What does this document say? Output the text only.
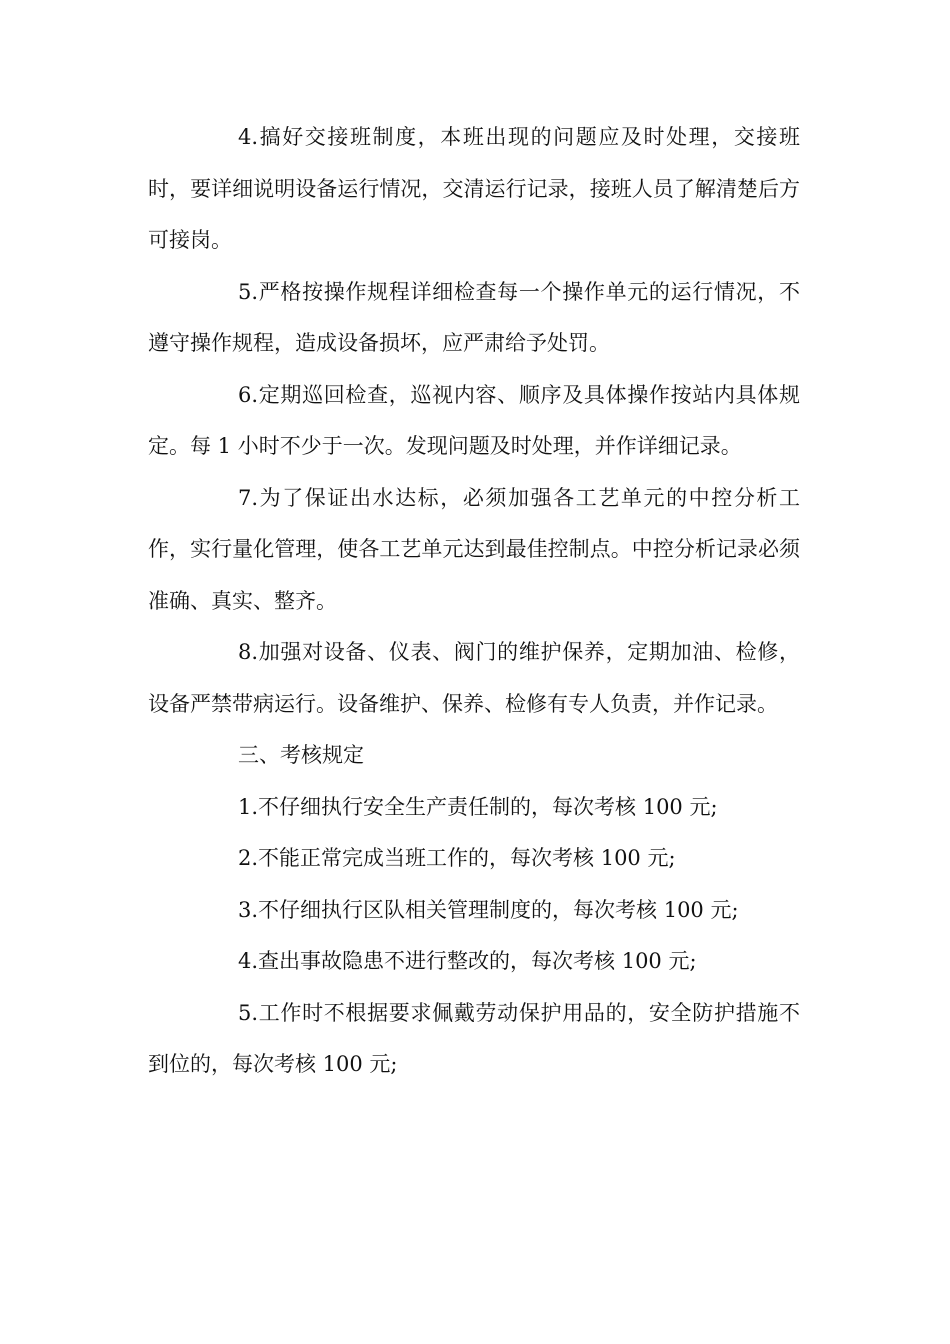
4.搞好交接班制度，本班出现的问题应及时处理，交接班时，要详细说明设备运行情况，交清运行记录，接班人员了解清楚后方可接岗。

5.严格按操作规程详细检查每一个操作单元的运行情况，不遵守操作规程，造成设备损坏，应严肃给予处罚。

6.定期巡回检查，巡视内容、顺序及具体操作按站内具体规定。每 1 小时不少于一次。发现问题及时处理，并作详细记录。

7.为了保证出水达标，必须加强各工艺单元的中控分析工作，实行量化管理，使各工艺单元达到最佳控制点。中控分析记录必须准确、真实、整齐。

8.加强对设备、仪表、阀门的维护保养，定期加油、检修，设备严禁带病运行。设备维护、保养、检修有专人负责，并作记录。

三、考核规定

1.不仔细执行安全生产责任制的，每次考核 100 元;

2.不能正常完成当班工作的，每次考核 100 元;

3.不仔细执行区队相关管理制度的，每次考核 100 元;

4.查出事故隐患不进行整改的，每次考核 100 元;

5.工作时不根据要求佩戴劳动保护用品的，安全防护措施不到位的，每次考核 100 元;
